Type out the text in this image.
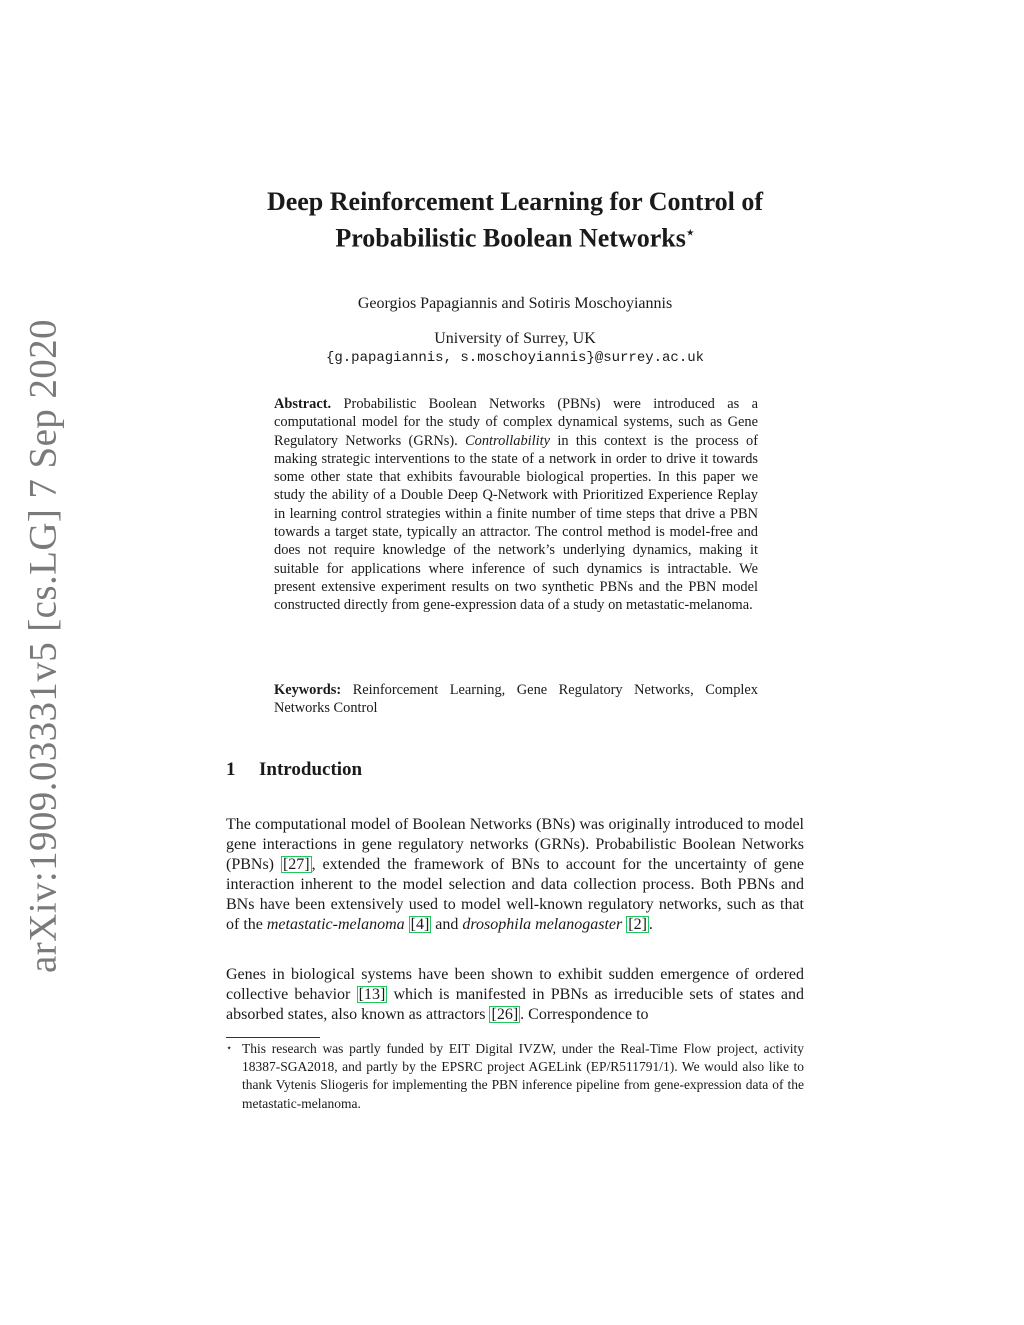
arXiv:1909.03331v5 [cs.LG] 7 Sep 2020
Deep Reinforcement Learning for Control of
Probabilistic Boolean Networks⋆
Georgios Papagiannis and Sotiris Moschoyiannis
University of Surrey, UK
{g.papagiannis, s.moschoyiannis}@surrey.ac.uk
Abstract. Probabilistic Boolean Networks (PBNs) were introduced as a computational model for the study of complex dynamical systems, such as Gene Regulatory Networks (GRNs). Controllability in this context is the process of making strategic interventions to the state of a network in order to drive it towards some other state that exhibits favourable biological properties. In this paper we study the ability of a Double Deep Q-Network with Prioritized Experience Replay in learning control strategies within a finite number of time steps that drive a PBN towards a target state, typically an attractor. The control method is model-free and does not require knowledge of the network’s underlying dynamics, making it suitable for applications where inference of such dynamics is intractable. We present extensive experiment results on two synthetic PBNs and the PBN model constructed directly from gene-expression data of a study on metastatic-melanoma.
Keywords: Reinforcement Learning, Gene Regulatory Networks, Complex Networks Control
1 Introduction
The computational model of Boolean Networks (BNs) was originally introduced to model gene interactions in gene regulatory networks (GRNs). Probabilistic Boolean Networks (PBNs) [27] , extended the framework of BNs to account for the uncertainty of gene interaction inherent to the model selection and data collection process. Both PBNs and BNs have been extensively used to model well-known regulatory networks, such as that of the metastatic-melanoma [4] and drosophila melanogaster [2] .
Genes in biological systems have been shown to exhibit sudden emergence of ordered collective behavior [13] which is manifested in PBNs as irreducible sets of states and absorbed states, also known as attractors [26] . Correspondence to
⋆ This research was partly funded by EIT Digital IVZW, under the Real-Time Flow project, activity 18387-SGA2018, and partly by the EPSRC project AGELink (EP/R511791/1). We would also like to thank Vytenis Sliogeris for implementing the PBN inference pipeline from gene-expression data of the metastatic-melanoma.
